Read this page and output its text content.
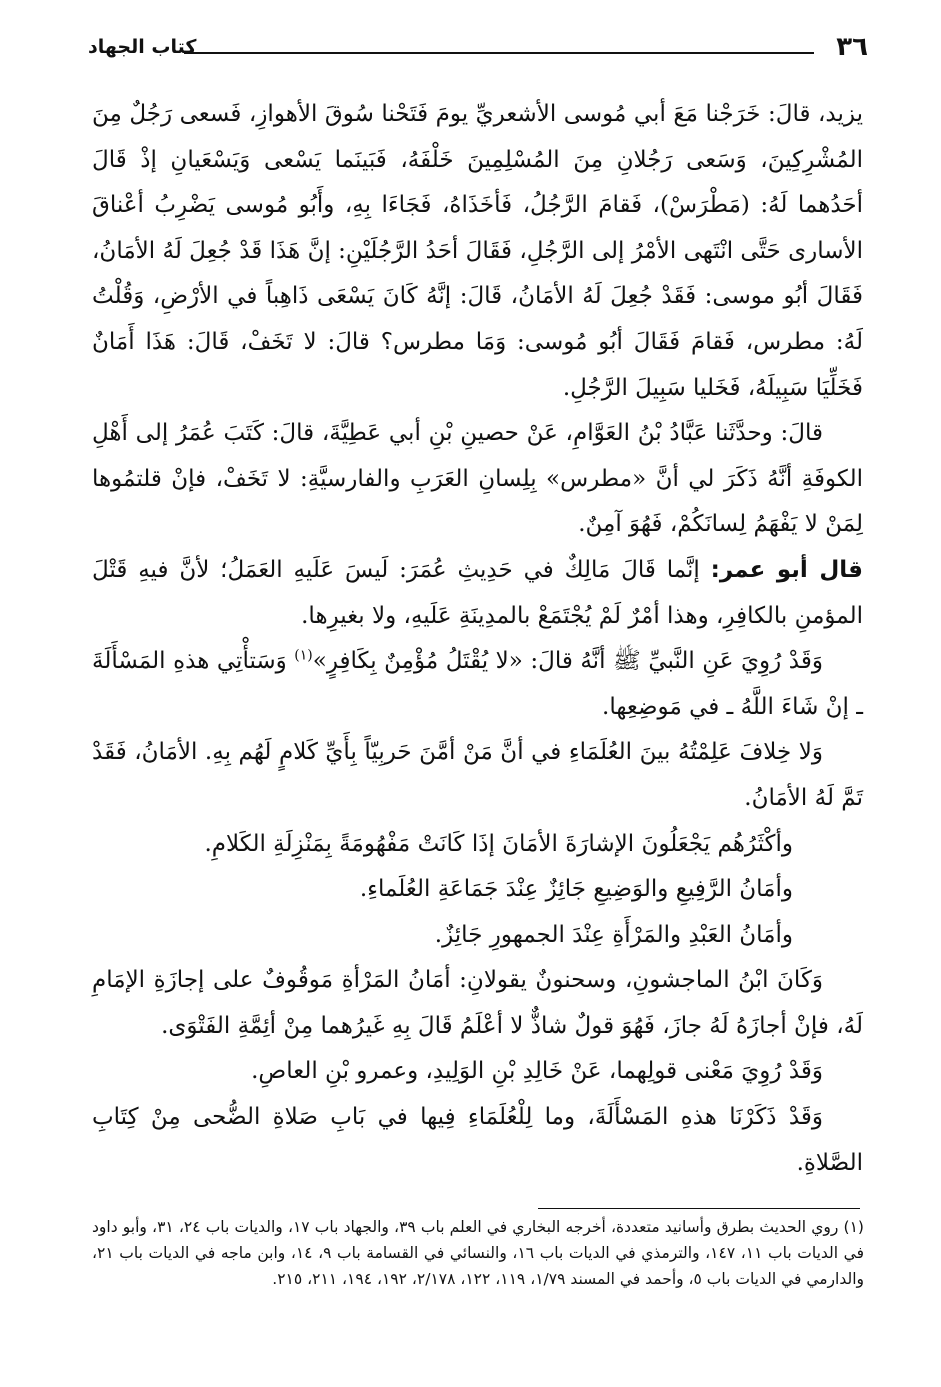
٣٦
كتاب الجهاد

يزيد، قالَ: خَرَجْنا مَعَ أبي مُوسى الأشعريِّ يومَ فَتَحْنا سُوقَ الأهوازِ، فَسعى رَجُلٌ مِنَ المُشْرِكِينَ، وَسَعى رَجُلانِ مِنَ المُسْلِمِينَ خَلْفَهُ، فَبَينَما يَسْعى وَيَسْعَيانِ إذْ قَالَ أحَدُهما لَهُ: (مَطْرَسْ)، فَقامَ الرَّجُلُ، فَأخَذَاهُ، فَجَاءَا بِهِ، وأَبُو مُوسى يَضْرِبُ أعْناقَ الأسارى حَتَّى انْتَهى الأمْرُ إلى الرَّجُلِ، فَقَالَ أحَدُ الرَّجُلَيْنِ: إنَّ هَذَا قَدْ جُعِلَ لَهُ الأمَانُ، فَقَالَ أبُو موسى: فَقَدْ جُعِلَ لَهُ الأمَانُ، قَالَ: إنَّهُ كَانَ يَسْعَى ذَاهِباً في الأرْضِ، وَقُلْتُ لَهُ: مطرس، فَقامَ فَقَالَ أبُو مُوسى: وَمَا مطرس؟ قالَ: لا تَخَفْ، قَالَ: هَذَا أَمَانٌ فَخَلِّيَا سَبِيلَهُ، فَخَليا سَبِيلَ الرَّجُلِ.

قالَ: وحدَّثَنا عَبَّادُ بْنُ العَوَّامِ، عَنْ حصينِ بْنِ أبي عَطِيَّةَ، قالَ: كَتَبَ عُمَرُ إلى أَهْلِ الكوفَةِ أنَّهُ ذَكَرَ لي أنَّ «مطرس» بِلِسانِ العَرَبِ والفارسيَّةِ: لا تَخَفْ، فإنْ قلتمُوها لِمَنْ لا يَفْهَمُ لِسانَكُمْ، فَهُوَ آمِنٌ.

قال أبو عمر: إنَّما قَالَ مَالِكٌ في حَدِيثِ عُمَرَ: لَيسَ عَلَيهِ العَمَلُ؛ لأنَّ فيهِ قَتْلَ المؤمنِ بالكافِرِ، وهذا أمْرٌ لَمْ يُجْتَمَعْ بالمدِينَةِ عَلَيهِ، ولا بغيرِها.

وَقَدْ رُوِيَ عَنِ النَّبيِّ ﷺ أنَّهُ قالَ: «لا يُقْتَلُ مُؤْمِنٌ بِكَافِرٍ»$^{(١)}$ وَسَتأْتِي هذهِ المَسْأَلَةَ ـ إنْ شَاءَ اللَّهُ ـ في مَوضِعِها.

وَلا خِلافَ عَلِمْتُهُ بينَ العُلَمَاءِ في أنَّ مَنْ أمَّنَ حَربِيّاً بِأَيِّ كَلامٍ لَهُم بِهِ. الأمَانُ، فَقَدْ تَمَّ لَهُ الأمَانُ.

وأكْثَرُهُم يَجْعَلُونَ الإشارَةَ الأمَانَ إذَا كَانَتْ مَفْهُومَةً بِمَنْزِلَةِ الكَلامِ.

وأمَانُ الرَّفِيعِ والوَضِيعِ جَائِزٌ عِنْدَ جَمَاعَةِ العُلَماءِ.

وأمَانُ العَبْدِ والمَرْأَةِ عِنْدَ الجمهورِ جَائِزٌ.

وَكَانَ ابْنُ الماجشونِ، وسحنونٌ يقولانِ: أمَانُ المَرْأةِ مَوقُوفٌ على إجازَةِ الإمَامِ لَهُ، فإنْ أجازَهُ لَهُ جازَ، فَهُوَ قولٌ شاذٌّ لا أعْلَمُ قَالَ بِهِ غَيرُهما مِنْ أئِمَّةِ الفَتْوَى.

وَقَدْ رُوِيَ مَعْنى قولِهما، عَنْ خَالِدِ بْنِ الوَلِيدِ، وعمرو بْنِ العاصِ.

وَقَدْ ذَكَرْنَا هذهِ المَسْأَلَةَ، وما لِلْعُلَمَاءِ فِيها في بَابِ صَلاةِ الضُّحى مِنْ كِتَابِ الصَّلاةِ.

(١) روي الحديث بطرق وأسانيد متعددة، أخرجه البخاري في العلم باب ٣٩، والجهاد باب ١٧، والديات باب ٢٤، ٣١، وأبو داود في الديات باب ١١، ١٤٧، والترمذي في الديات باب ١٦، والنسائي في القسامة باب ٩، ١٤، وابن ماجه في الديات باب ٢١، والدارمي في الديات باب ٥، وأحمد في المسند ١/٧٩، ١١٩، ١٢٢، ٢/١٧٨، ١٩٢، ١٩٤، ٢١١، ٢١٥.
